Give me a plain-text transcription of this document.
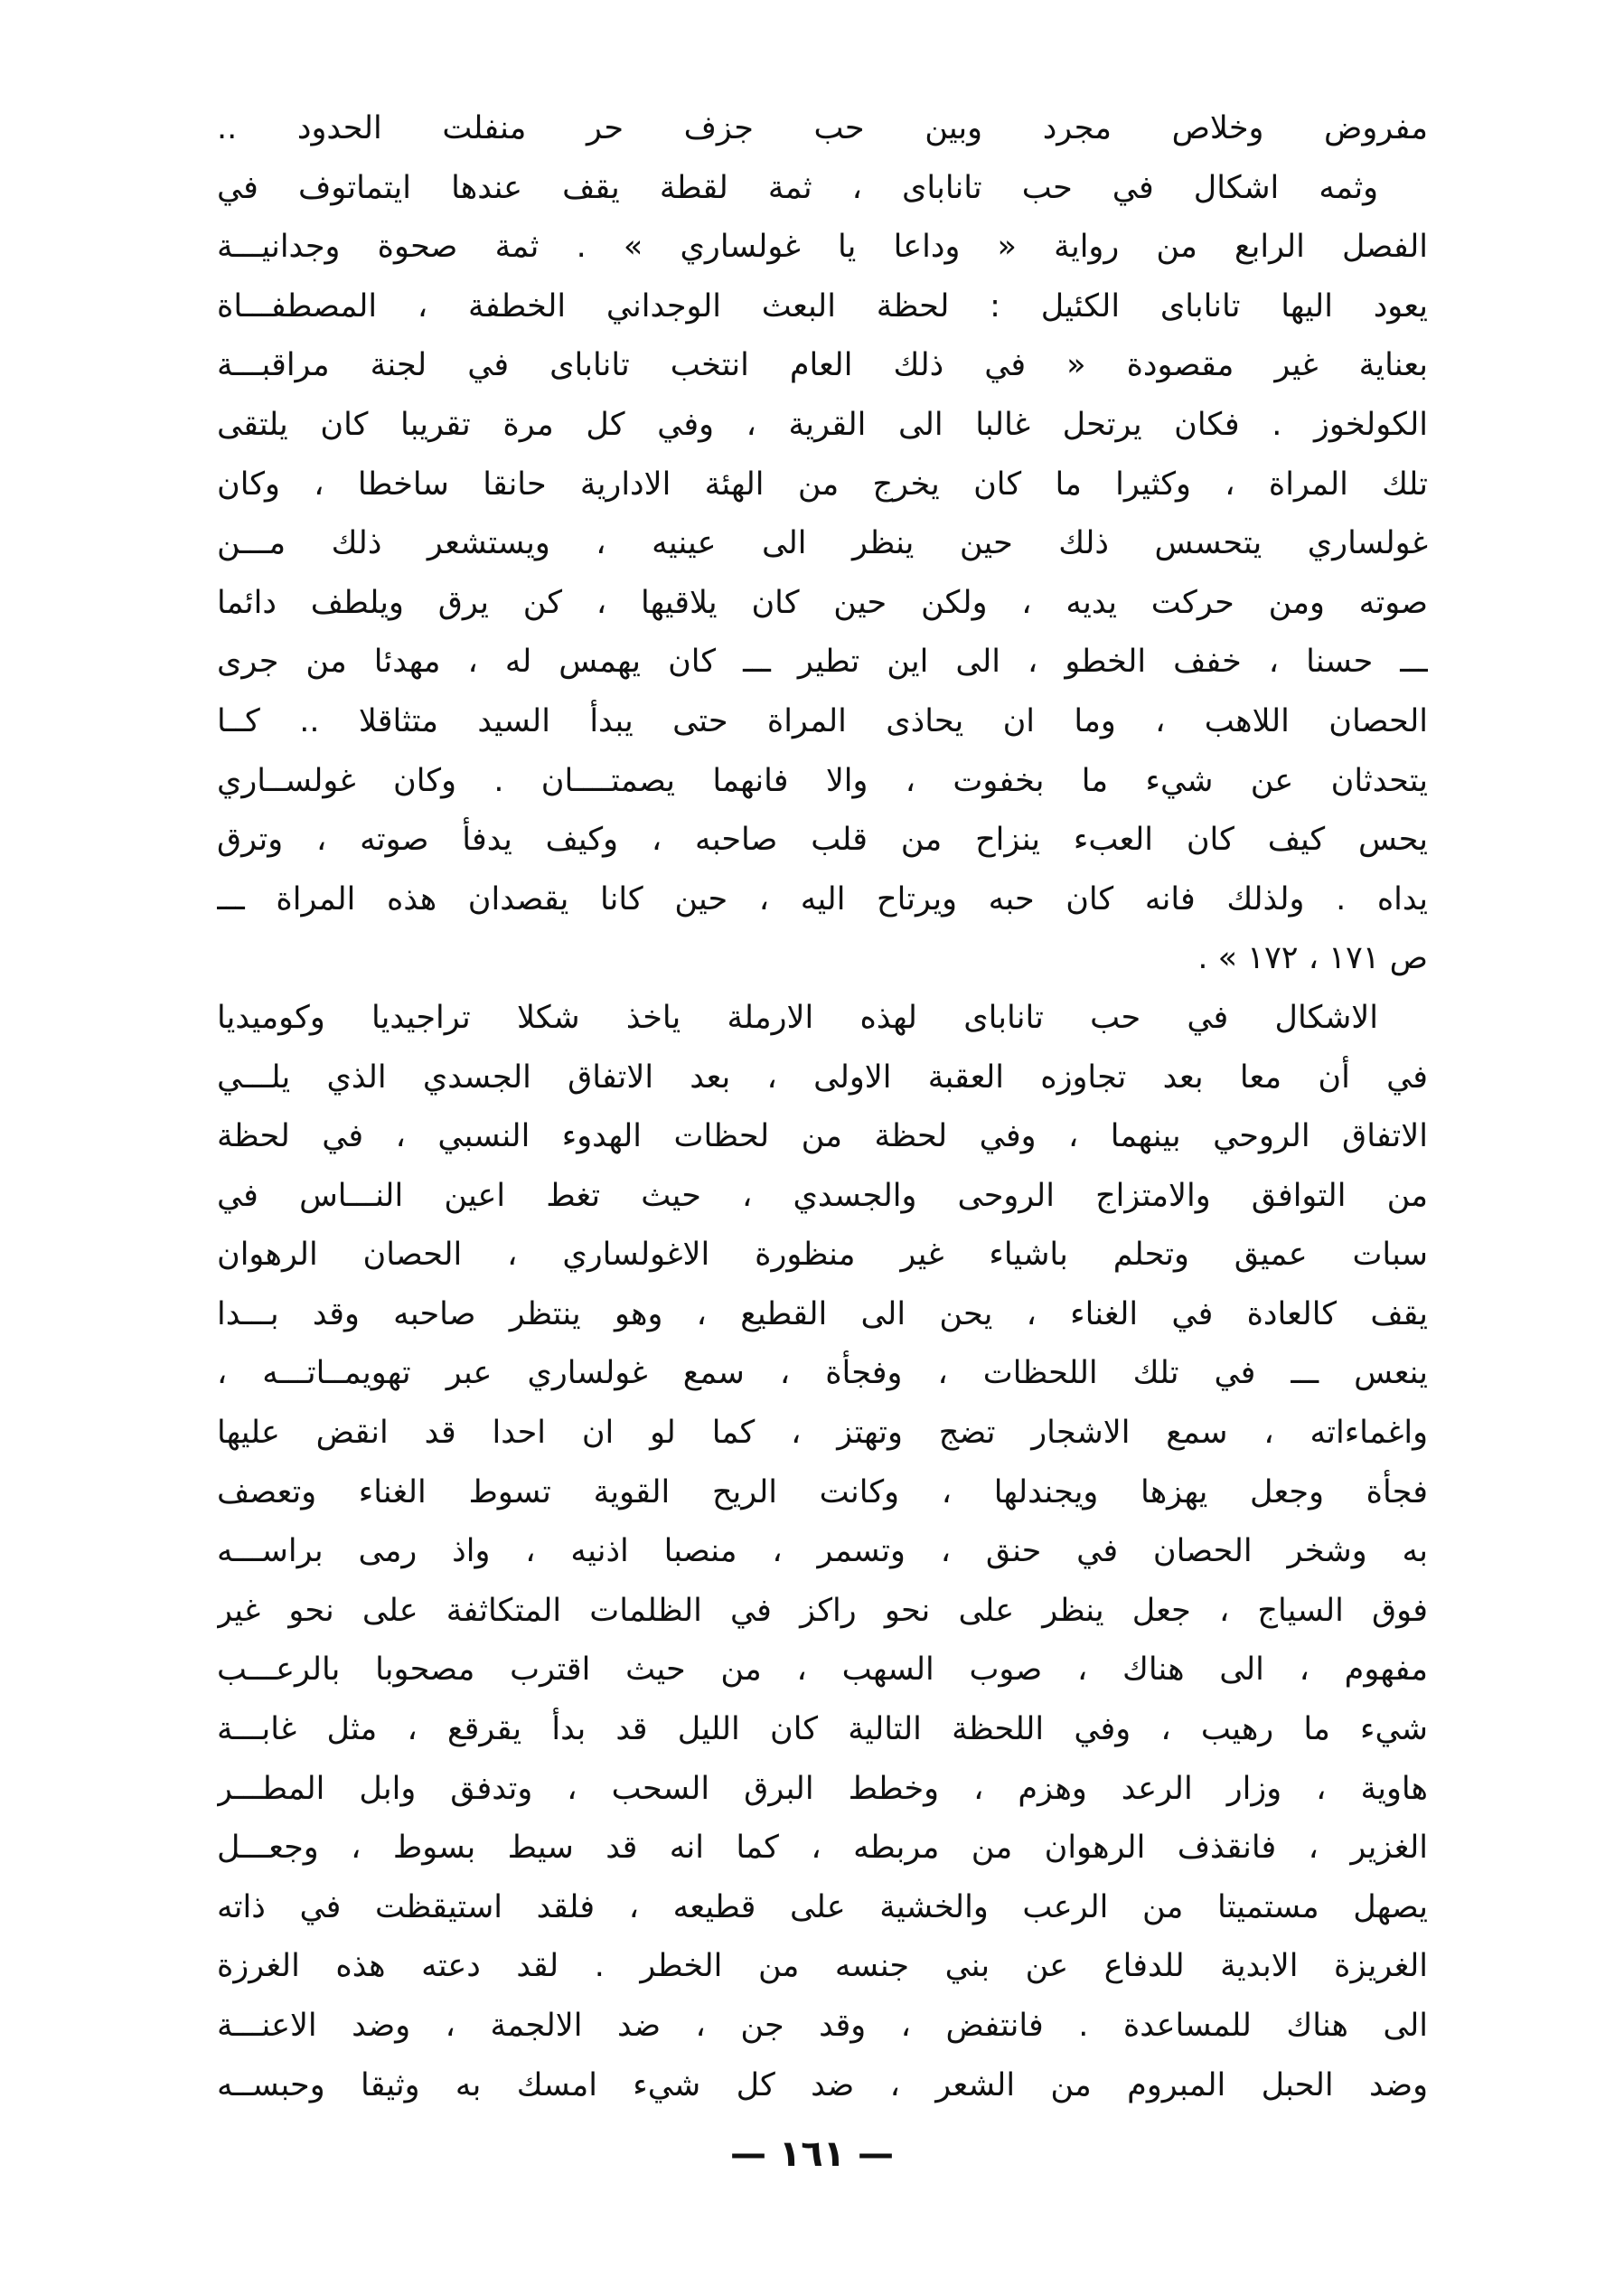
مفروض وخلاص مجرد وبين حب جزف حر منفلت الحدود ..
وثمه اشكال في حب تانابای ، ثمة لقطة يقف عندها ايتماتوف في
الفصل الرابع من رواية « وداعا يا غولساري » . ثمة صحوة وجدانيـــة
يعود اليها تانابای الكئيل : لحظة البعث الوجداني الخطفة ، المصطفـــاة
بعناية غير مقصودة « في ذلك العام انتخب تانابای في لجنة مراقبـــة
الكولخوز . فكان يرتحل غالبا الى القرية ، وفي كل مرة تقريبا كان يلتقى
تلك المراة ، وكثيرا ما كان يخرج من الهئة الادارية حانقا ساخطا ، وكان
غولساري يتحسس ذلك حين ينظر الى عينيه ، ويستشعر ذلك مـــن
صوته ومن حركت يديه ، ولكن حين كان يلاقيها ، كن يرق ويلطف دائما
ـــ حسنا ، خفف الخطو ، الى اين تطير ـــ كان يهمس له ، مهدئا من جرى
الحصان اللاهب ، وما ان يحاذى المراة حتى يبدأ السيد متثاقلا .. كــا
يتحدثان عن شيء ما بخفوت ، والا فانهما يصمتــــان . وكان غولســاري
يحس كيف كان العبء ينزاح من قلب صاحبه ، وكيف يدفأ صوته ، وترق
يداه . ولذلك فانه كان حبه ويرتاح اليه ، حين كانا يقصدان هذه المراة ـــ
ص ١٧١ ، ١٧٢ » .
الاشكال في حب تانابای لهذه الارملة ياخذ شكلا تراجيديا وكوميديا
في أن معا بعد تجاوزه العقبة الاولى ، بعد الاتفاق الجسدي الذي يلـــي
الاتفاق الروحي بينهما ، وفي لحظة من لحظات الهدوء النسبي ، في لحظة
من التوافق والامتزاج الروحى والجسدي ، حيث تغط اعين النـــاس في
سبات عميق وتحلم باشياء غير منظورة الاغولساري ، الحصان الرهوان
يقف كالعادة في الغناء ، يحن الى القطيع ، وهو ينتظر صاحبه وقد بـــدا
ينعس ـــ في تلك اللحظات ، وفجأة ، سمع غولساري عبر تهويمــاتـــه ،
واغماءاته ، سمع الاشجار تضج وتهتز ، كما لو ان احدا قد انقض عليها
فجأة وجعل يهزها ويجندلها ، وكانت الريح القوية تسوط الغناء وتعصف
به وشخر الحصان في حنق ، وتسمر ، منصبا اذنيه ، واذ رمى براســـه
فوق السياج ، جعل ينظر على نحو راكز في الظلمات المتكاثفة على نحو غير
مفهوم ، الى هناك ، صوب السهب ، من حيث اقترب مصحوبا بالرعـــب
شيء ما رهيب ، وفي اللحظة التالية كان الليل قد بدأ يقرقع ، مثل غابـــة
هاوية ، وزار الرعد وهزم ، وخطط البرق السحب ، وتدفق وابل المطـــر
الغزير ، فانقذف الرهوان من مربطه ، كما انه قد سيط بسوط ، وجعـــل
يصهل مستميتا من الرعب والخشية على قطيعه ، فلقد استيقظت في ذاته
الغريزة الابدية للدفاع عن بني جنسه من الخطر . لقد دعته هذه الغرزة
الى هناك للمساعدة . فانتفض ، وقد جن ، ضد الالجمة ، وضد الاعنـــة
وضد الحبل المبروم من الشعر ، ضد كل شيء امسك به وثيقا وحبســه
— ١٦١ —
